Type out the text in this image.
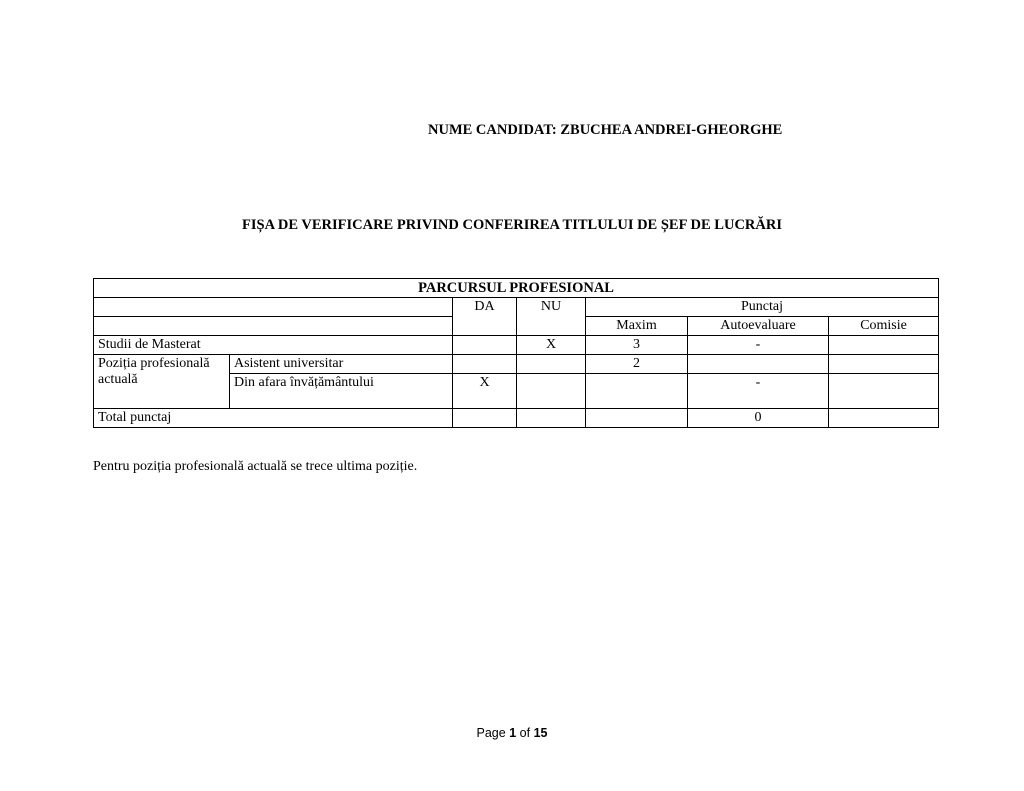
NUME CANDIDAT: ZBUCHEA ANDREI-GHEORGHE
FIȘA DE VERIFICARE PRIVIND CONFERIREA TITLULUI DE ȘEF DE LUCRĂRI
PARCURSUL PROFESIONAL						
		DA	NU	Punctaj		
				Maxim	Autoevaluare	Comisie
Studii de Masterat			X	3	-	
Poziția profesională actuală	Asistent universitar			2		
	Din afara învățământului	X			-	
Total punctaj					0	
Pentru poziția profesională actuală se trece ultima poziție.
Page 1 of 15
